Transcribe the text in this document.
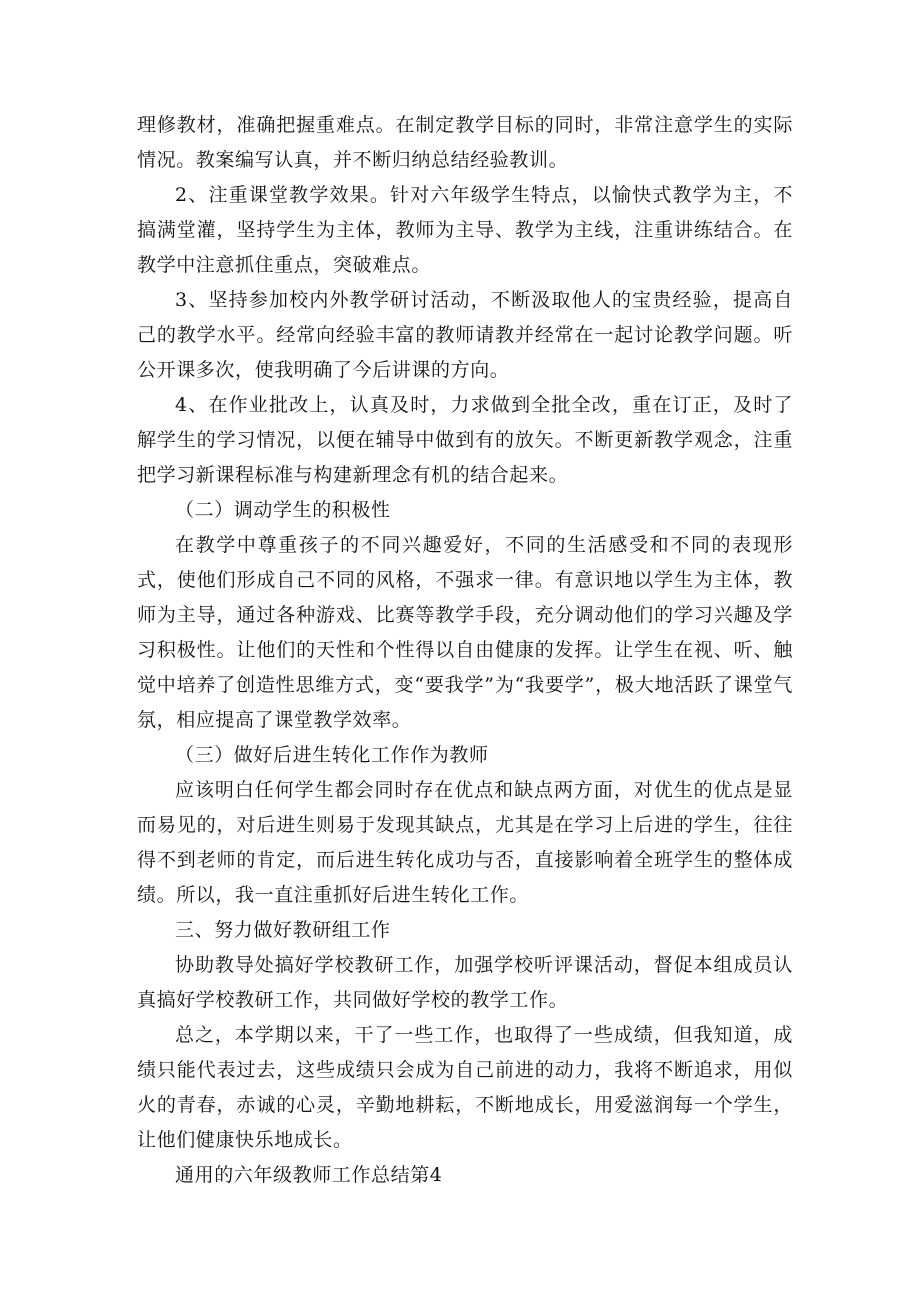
理修教材，准确把握重难点。在制定教学目标的同时，非常注意学生的实际情况。教案编写认真，并不断归纳总结经验教训。

2、注重课堂教学效果。针对六年级学生特点，以愉快式教学为主，不搞满堂灌，坚持学生为主体，教师为主导、教学为主线，注重讲练结合。在教学中注意抓住重点，突破难点。

3、坚持参加校内外教学研讨活动，不断汲取他人的宝贵经验，提高自己的教学水平。经常向经验丰富的教师请教并经常在一起讨论教学问题。听公开课多次，使我明确了今后讲课的方向。

4、在作业批改上，认真及时，力求做到全批全改，重在订正，及时了解学生的学习情况，以便在辅导中做到有的放矢。不断更新教学观念，注重把学习新课程标准与构建新理念有机的结合起来。

（二）调动学生的积极性

在教学中尊重孩子的不同兴趣爱好，不同的生活感受和不同的表现形式，使他们形成自己不同的风格，不强求一律。有意识地以学生为主体，教师为主导，通过各种游戏、比赛等教学手段，充分调动他们的学习兴趣及学习积极性。让他们的天性和个性得以自由健康的发挥。让学生在视、听、触觉中培养了创造性思维方式，变“要我学”为“我要学”，极大地活跃了课堂气氛，相应提高了课堂教学效率。

（三）做好后进生转化工作作为教师

应该明白任何学生都会同时存在优点和缺点两方面，对优生的优点是显而易见的，对后进生则易于发现其缺点，尤其是在学习上后进的学生，往往得不到老师的肯定，而后进生转化成功与否，直接影响着全班学生的整体成绩。所以，我一直注重抓好后进生转化工作。

三、努力做好教研组工作

协助教导处搞好学校教研工作，加强学校听评课活动，督促本组成员认真搞好学校教研工作，共同做好学校的教学工作。

总之，本学期以来，干了一些工作，也取得了一些成绩，但我知道，成绩只能代表过去，这些成绩只会成为自己前进的动力，我将不断追求，用似火的青春，赤诚的心灵，辛勤地耕耘，不断地成长，用爱滋润每一个学生，让他们健康快乐地成长。

通用的六年级教师工作总结第4
